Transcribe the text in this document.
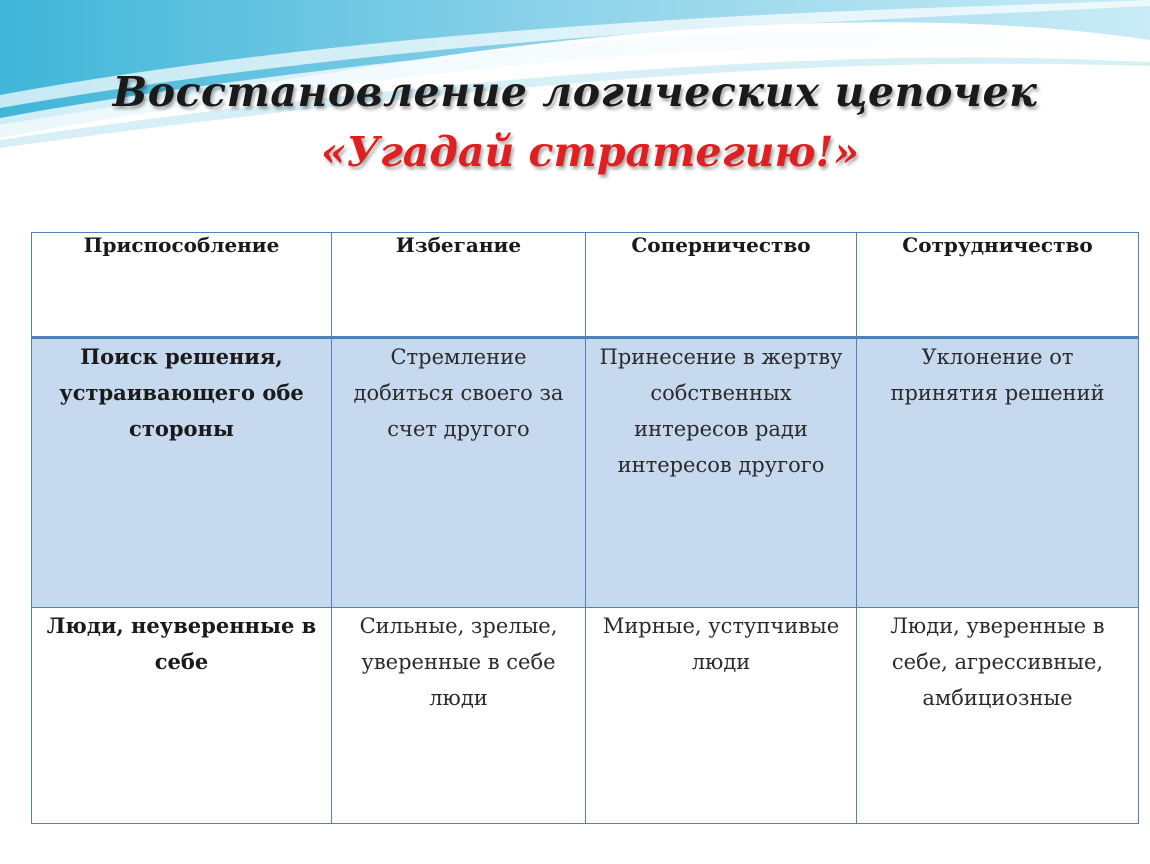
Восстановление логических цепочек
«Угадай стратегию!»
Приспособление	Избегание	Соперничество	Сотрудничество
Поиск решения, устраивающего обе стороны	Стремление добиться своего за счет другого	Принесение в жертву собственных интересов ради интересов другого	Уклонение от принятия решений
Люди, неуверенные в себе	Сильные, зрелые, уверенные в себе люди	Мирные, уступчивые люди	Люди, уверенные в себе, агрессивные, амбициозные
